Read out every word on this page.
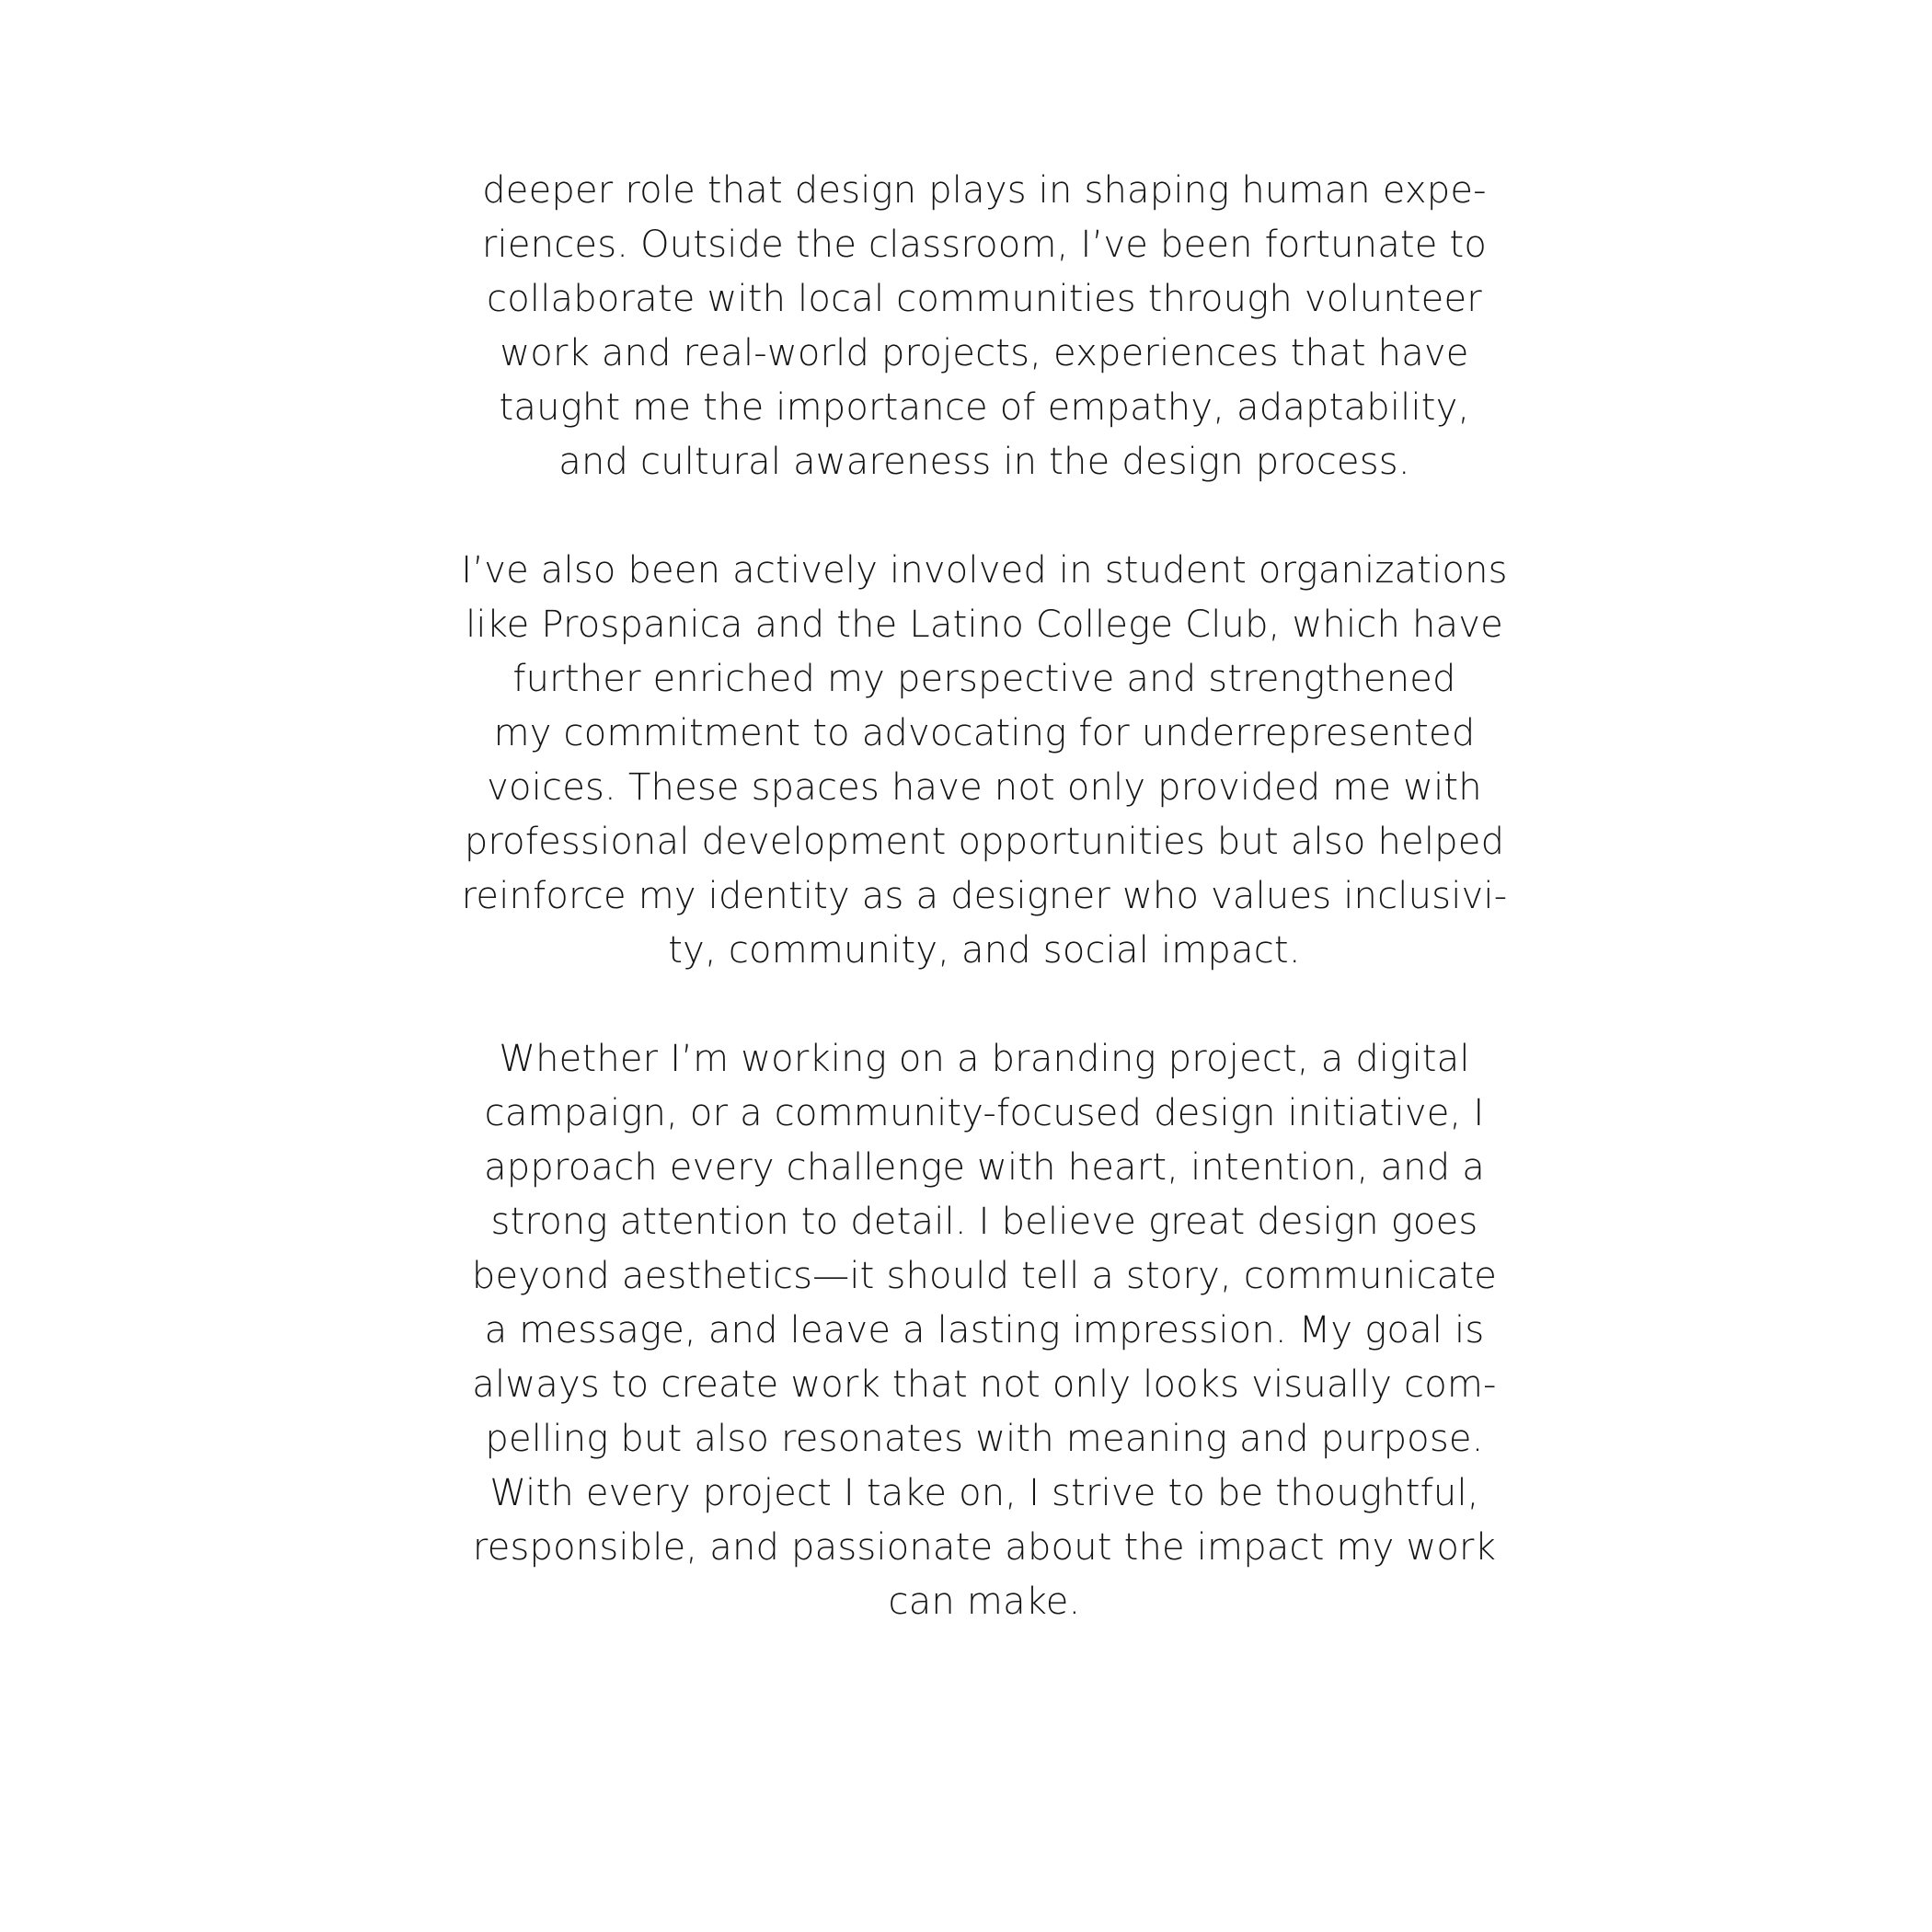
deeper role that design plays in shaping human expe-
riences. Outside the classroom, I’ve been fortunate to
collaborate with local communities through volunteer
work and real-world projects, experiences that have
taught me the importance of empathy, adaptability,
and cultural awareness in the design process.

I’ve also been actively involved in student organizations
like Prospanica and the Latino College Club, which have
further enriched my perspective and strengthened
my commitment to advocating for underrepresented
voices. These spaces have not only provided me with
professional development opportunities but also helped
reinforce my identity as a designer who values inclusivi-
ty, community, and social impact.

Whether I’m working on a branding project, a digital
campaign, or a community-focused design initiative, I
approach every challenge with heart, intention, and a
strong attention to detail. I believe great design goes
beyond aesthetics—it should tell a story, communicate
a message, and leave a lasting impression. My goal is
always to create work that not only looks visually com-
pelling but also resonates with meaning and purpose.
With every project I take on, I strive to be thoughtful,
responsible, and passionate about the impact my work
can make.
